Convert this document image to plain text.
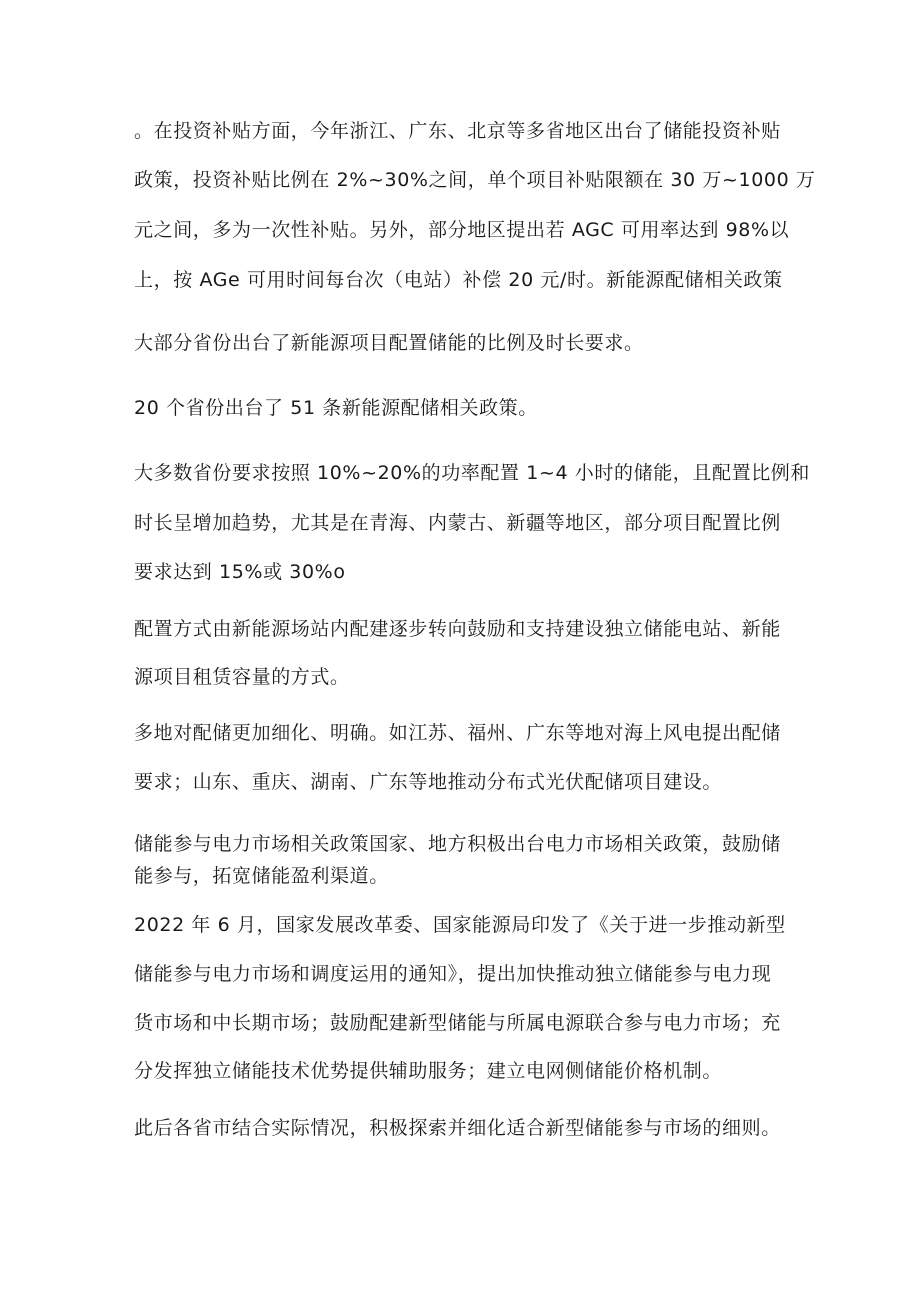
。在投资补贴方面，今年浙江、广东、北京等多省地区出台了储能投资补贴

政策，投资补贴比例在 2%~30%之间，单个项目补贴限额在 30 万~1000 万

元之间，多为一次性补贴。另外，部分地区提出若 AGC 可用率达到 98%以

上，按 AGe 可用时间每台次（电站）补偿 20 元/时。新能源配储相关政策

大部分省份出台了新能源项目配置储能的比例及时长要求。

20 个省份出台了 51 条新能源配储相关政策。

大多数省份要求按照 10%~20%的功率配置 1~4 小时的储能，且配置比例和

时长呈增加趋势，尤其是在青海、内蒙古、新疆等地区，部分项目配置比例

要求达到 15%或 30%o

配置方式由新能源场站内配建逐步转向鼓励和支持建设独立储能电站、新能

源项目租赁容量的方式。

多地对配储更加细化、明确。如江苏、福州、广东等地对海上风电提出配储

要求；山东、重庆、湖南、广东等地推动分布式光伏配储项目建设。

储能参与电力市场相关政策国家、地方积极出台电力市场相关政策，鼓励储

能参与，拓宽储能盈利渠道。

2022 年 6 月，国家发展改革委、国家能源局印发了《关于进一步推动新型

储能参与电力市场和调度运用的通知》，提出加快推动独立储能参与电力现

货市场和中长期市场；鼓励配建新型储能与所属电源联合参与电力市场；充

分发挥独立储能技术优势提供辅助服务；建立电网侧储能价格机制。

此后各省市结合实际情况，积极探索并细化适合新型储能参与市场的细则。
